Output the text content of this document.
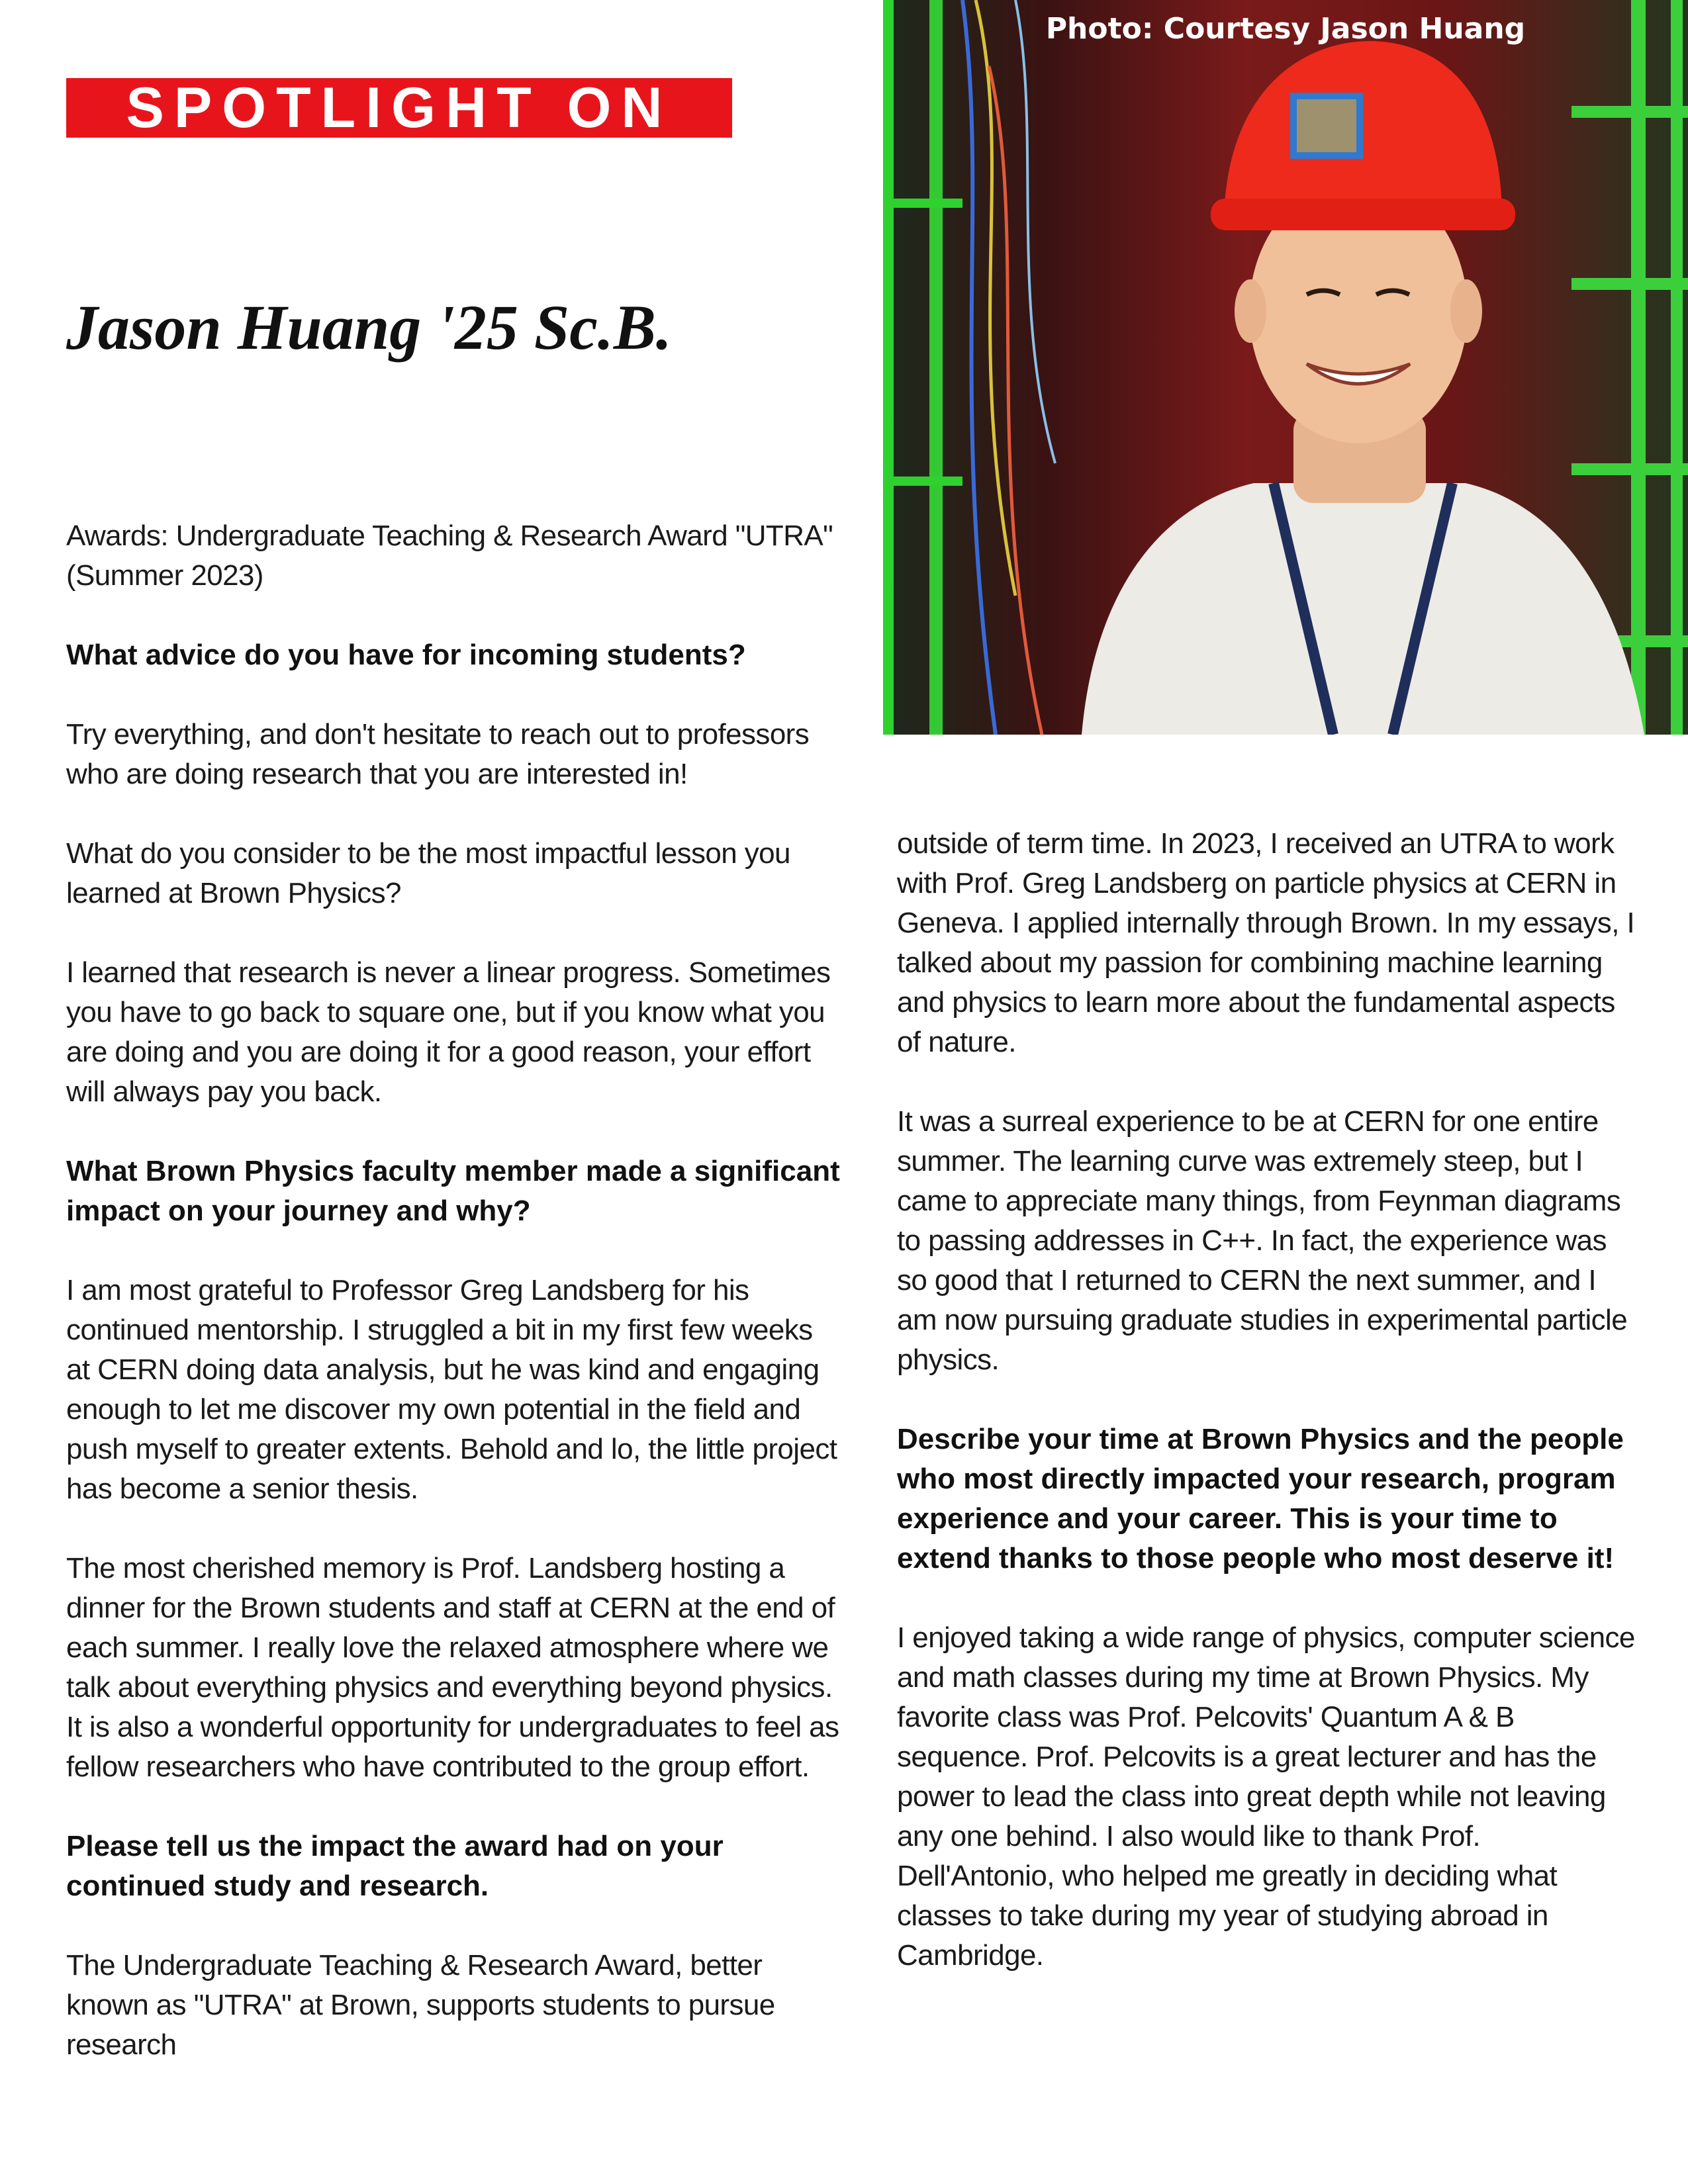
SPOTLIGHT ON
Jason Huang '25 Sc.B.
Photo: Courtesy Jason Huang

Awards: Undergraduate Teaching & Research Award "UTRA" (Summer 2023)

What advice do you have for incoming students?

Try everything, and don't hesitate to reach out to professors who are doing research that you are interested in!

What do you consider to be the most impactful lesson you learned at Brown Physics?

I learned that research is never a linear progress. Sometimes you have to go back to square one, but if you know what you are doing and you are doing it for a good reason, your effort will always pay you back.

What Brown Physics faculty member made a significant impact on your journey and why?

I am most grateful to Professor Greg Landsberg for his continued mentorship. I struggled a bit in my first few weeks at CERN doing data analysis, but he was kind and engaging enough to let me discover my own potential in the field and push myself to greater extents. Behold and lo, the little project has become a senior thesis.

The most cherished memory is Prof. Landsberg hosting a dinner for the Brown students and staff at CERN at the end of each summer. I really love the relaxed atmosphere where we talk about everything physics and everything beyond physics. It is also a wonderful opportunity for undergraduates to feel as fellow researchers who have contributed to the group effort.

Please tell us the impact the award had on your continued study and research.

The Undergraduate Teaching & Research Award, better known as "UTRA" at Brown, supports students to pursue research

outside of term time. In 2023, I received an UTRA to work with Prof. Greg Landsberg on particle physics at CERN in Geneva. I applied internally through Brown. In my essays, I talked about my passion for combining machine learning and physics to learn more about the fundamental aspects of nature.

It was a surreal experience to be at CERN for one entire summer. The learning curve was extremely steep, but I came to appreciate many things, from Feynman diagrams to passing addresses in C++. In fact, the experience was so good that I returned to CERN the next summer, and I am now pursuing graduate studies in experimental particle physics.

Describe your time at Brown Physics and the people who most directly impacted your research, program experience and your career. This is your time to extend thanks to those people who most deserve it!

I enjoyed taking a wide range of physics, computer science and math classes during my time at Brown Physics. My favorite class was Prof. Pelcovits' Quantum A & B sequence. Prof. Pelcovits is a great lecturer and has the power to lead the class into great depth while not leaving any one behind. I also would like to thank Prof. Dell'Antonio, who helped me greatly in deciding what classes to take during my year of studying abroad in Cambridge.
